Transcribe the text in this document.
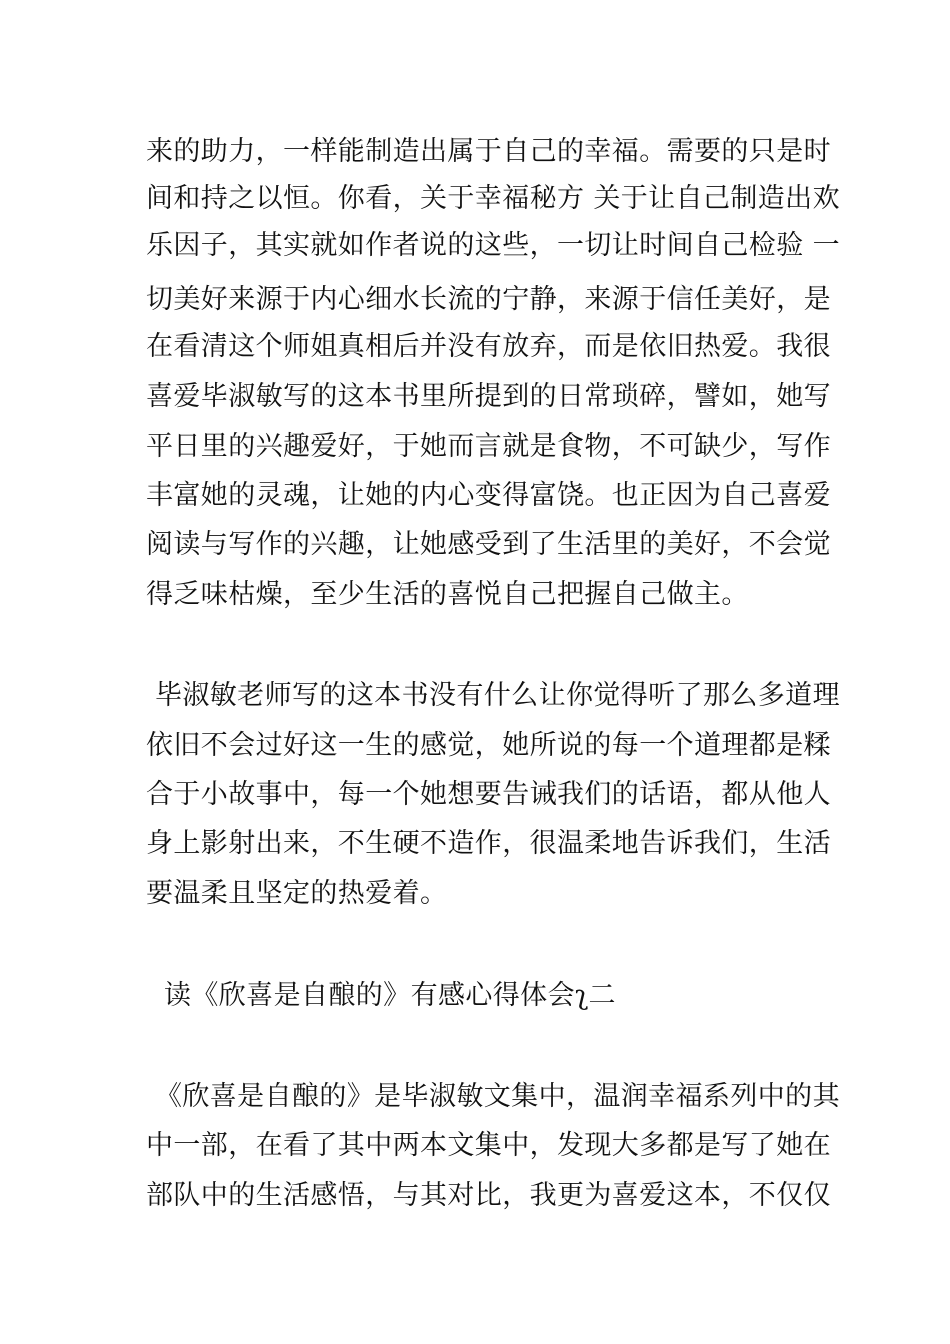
来的助力，一样能制造出属于自己的幸福。需要的只是时
间和持之以恒。你看，关于幸福秘方 关于让自己制造出欢
乐因子，其实就如作者说的这些，一切让时间自己检验 一
切美好来源于内心细水长流的宁静，来源于信任美好，是
在看清这个师姐真相后并没有放弃，而是依旧热爱。我很
喜爱毕淑敏写的这本书里所提到的日常琐碎，譬如，她写
平日里的兴趣爱好，于她而言就是食物，不可缺少，写作
丰富她的灵魂，让她的内心变得富饶。也正因为自己喜爱
阅读与写作的兴趣，让她感受到了生活里的美好，不会觉
得乏味枯燥，至少生活的喜悦自己把握自己做主。
毕淑敏老师写的这本书没有什么让你觉得听了那么多道理
依旧不会过好这一生的感觉，她所说的每一个道理都是糅
合于小故事中，每一个她想要告诫我们的话语，都从他人
身上影射出来，不生硬不造作，很温柔地告诉我们，生活
要温柔且坚定的热爱着。
读《欣喜是自酿的》有感心得体会ʅ二
《欣喜是自酿的》是毕淑敏文集中，温润幸福系列中的其
中一部，在看了其中两本文集中，发现大多都是写了她在
部队中的生活感悟，与其对比，我更为喜爱这本，不仅仅
